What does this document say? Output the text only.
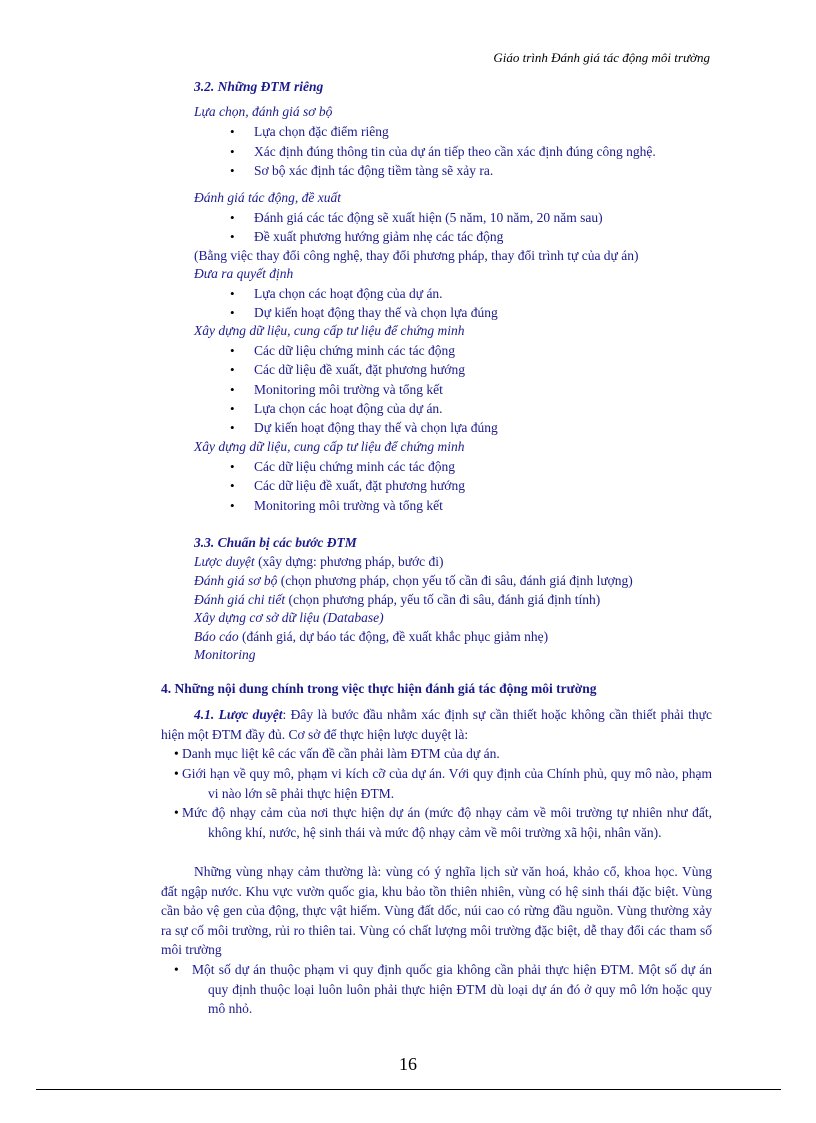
Giáo trình Đánh giá tác động môi trường
3.2. Những ĐTM riêng
Lựa chọn, đánh giá sơ bộ
• Lựa chọn đặc điểm riêng
• Xác định đúng thông tin của dự án tiếp theo cần xác định đúng công nghệ.
• Sơ bộ xác định tác động tiềm tàng sẽ xảy ra.
Đánh giá tác động, đề xuất
• Đánh giá các tác động sẽ xuất hiện (5 năm, 10 năm, 20 năm sau)
• Đề xuất phương hướng giảm nhẹ các tác động
(Bằng việc thay đổi công nghệ, thay đổi phương pháp, thay đổi trình tự của dự án)
Đưa ra quyết định
• Lựa chọn các hoạt động của dự án.
• Dự kiến hoạt động thay thế và chọn lựa đúng
Xây dựng dữ liệu, cung cấp tư liệu để chứng minh
• Các dữ liệu chứng minh các tác động
• Các dữ liệu đề xuất, đặt phương hướng
• Monitoring môi trường và tổng kết
• Lựa chọn các hoạt động của dự án.
• Dự kiến hoạt động thay thế và chọn lựa đúng
Xây dựng dữ liệu, cung cấp tư liệu để chứng minh
• Các dữ liệu chứng minh các tác động
• Các dữ liệu đề xuất, đặt phương hướng
• Monitoring môi trường và tổng kết
3.3. Chuẩn bị các bước ĐTM
Lược duyệt (xây dựng: phương pháp, bước đi)
Đánh giá sơ bộ (chọn phương pháp, chọn yếu tố cần đi sâu, đánh giá định lượng)
Đánh giá chi tiết (chọn phương pháp, yếu tố cần đi sâu, đánh giá định tính)
Xây dựng cơ sở dữ liệu (Database)
Báo cáo (đánh giá, dự báo tác động, đề xuất khắc phục giảm nhẹ)
Monitoring
4. Những nội dung chính trong việc thực hiện đánh giá tác động môi trường
4.1. Lược duyệt: Đây là bước đầu nhằm xác định sự cần thiết hoặc không cần thiết phải thực hiện một ĐTM đầy đủ. Cơ sở để thực hiện lược duyệt là:
• Danh mục liệt kê các vấn đề cần phải làm ĐTM của dự án.
• Giới hạn về quy mô, phạm vi kích cỡ của dự án. Với quy định của Chính phủ, quy mô nào, phạm vi nào lớn sẽ phải thực hiện ĐTM.
• Mức độ nhạy cảm của nơi thực hiện dự án (mức độ nhạy cảm về môi trường tự nhiên như đất, không khí, nước, hệ sinh thái và mức độ nhạy cảm về môi trường xã hội, nhân văn).
Những vùng nhạy cảm thường là: vùng có ý nghĩa lịch sử văn hoá, khảo cổ, khoa học. Vùng đất ngập nước. Khu vực vườn quốc gia, khu bảo tồn thiên nhiên, vùng có hệ sinh thái đặc biệt. Vùng cần bảo vệ gen của động, thực vật hiếm. Vùng đất dốc, núi cao có rừng đầu nguồn. Vùng thường xảy ra sự cố môi trường, rủi ro thiên tai. Vùng có chất lượng môi trường đặc biệt, dễ thay đổi các tham số môi trường
• Một số dự án thuộc phạm vi quy định quốc gia không cần phải thực hiện ĐTM. Một số dự án quy định thuộc loại luôn luôn phải thực hiện ĐTM dù loại dự án đó ở quy mô lớn hoặc quy mô nhỏ.
16
